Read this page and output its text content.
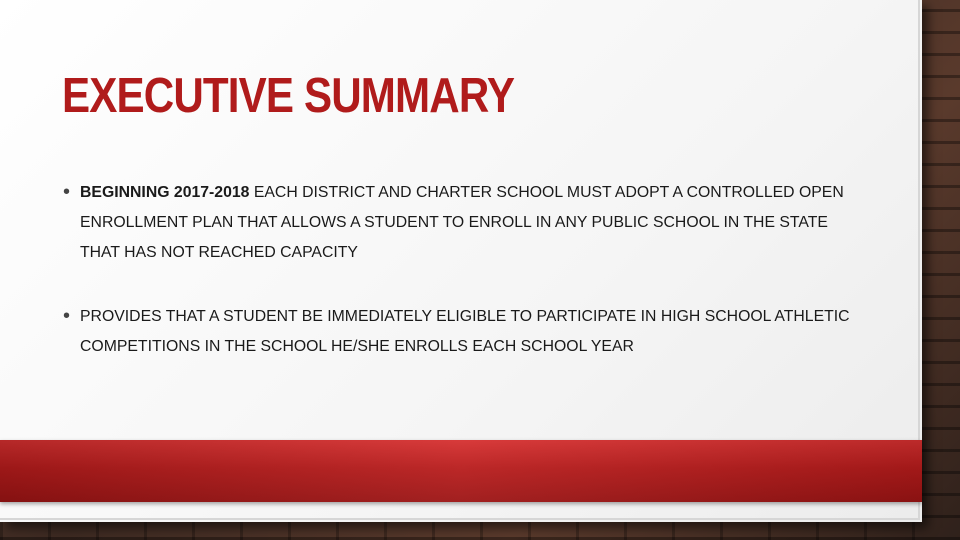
EXECUTIVE SUMMARY
• BEGINNING 2017-2018 EACH DISTRICT AND CHARTER SCHOOL MUST ADOPT A CONTROLLED OPEN ENROLLMENT PLAN THAT ALLOWS A STUDENT TO ENROLL IN ANY PUBLIC SCHOOL IN THE STATE THAT HAS NOT REACHED CAPACITY
• PROVIDES THAT A STUDENT BE IMMEDIATELY ELIGIBLE TO PARTICIPATE IN HIGH SCHOOL ATHLETIC COMPETITIONS IN THE SCHOOL HE/SHE ENROLLS EACH SCHOOL YEAR
